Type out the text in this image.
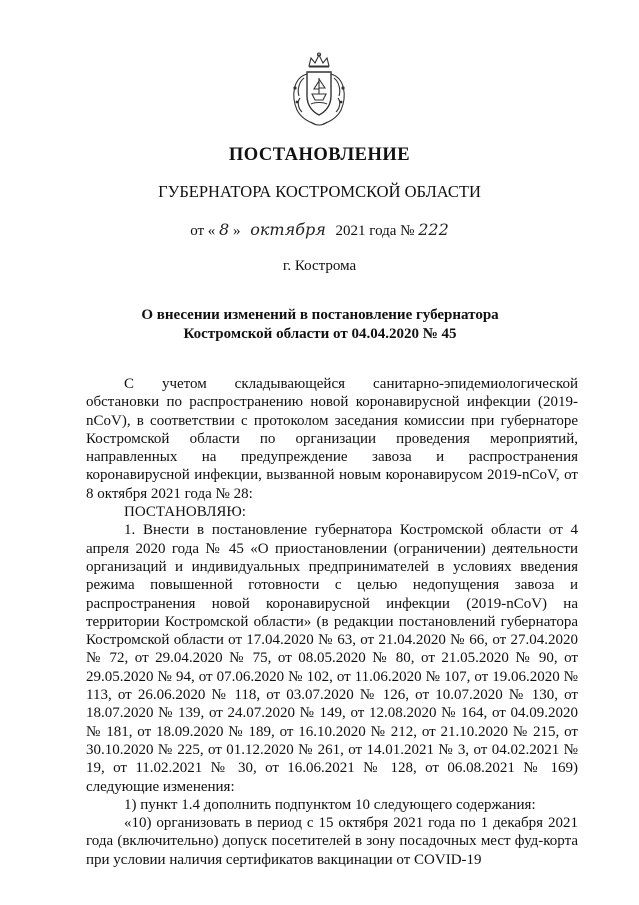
ПОСТАНОВЛЕНИЕ
ГУБЕРНАТОРА КОСТРОМСКОЙ ОБЛАСТИ
от « 8 » октября 2021 года № 222
г. Кострома
О внесении изменений в постановление губернатора
Костромской области от 04.04.2020 № 45

С учетом складывающейся санитарно-эпидемиологической обстановки по распространению новой коронавирусной инфекции (2019-nCoV), в соответствии с протоколом заседания комиссии при губернаторе Костромской области по организации проведения мероприятий, направленных на предупреждение завоза и распространения коронавирусной инфекции, вызванной новым коронавирусом 2019-nCoV, от 8 октября 2021 года № 28:

ПОСТАНОВЛЯЮ:

1. Внести в постановление губернатора Костромской области от 4 апреля 2020 года № 45 «О приостановлении (ограничении) деятельности организаций и индивидуальных предпринимателей в условиях введения режима повышенной готовности с целью недопущения завоза и распространения новой коронавирусной инфекции (2019-nCoV) на территории Костромской области» (в редакции постановлений губернатора Костромской области от 17.04.2020 № 63, от 21.04.2020 № 66, от 27.04.2020 № 72, от 29.04.2020 № 75, от 08.05.2020 № 80, от 21.05.2020 № 90, от 29.05.2020 № 94, от 07.06.2020 № 102, от 11.06.2020 № 107, от 19.06.2020 № 113, от 26.06.2020 № 118, от 03.07.2020 № 126, от 10.07.2020 № 130, от 18.07.2020 № 139, от 24.07.2020 № 149, от 12.08.2020 № 164, от 04.09.2020 № 181, от 18.09.2020 № 189, от 16.10.2020 № 212, от 21.10.2020 № 215, от 30.10.2020 № 225, от 01.12.2020 № 261, от 14.01.2021 № 3, от 04.02.2021 № 19, от 11.02.2021 № 30, от 16.06.2021 № 128, от 06.08.2021 № 169) следующие изменения:

1) пункт 1.4 дополнить подпунктом 10 следующего содержания:

«10) организовать в период с 15 октября 2021 года по 1 декабря 2021 года (включительно) допуск посетителей в зону посадочных мест фуд-корта при условии наличия сертификатов вакцинации от COVID-19
